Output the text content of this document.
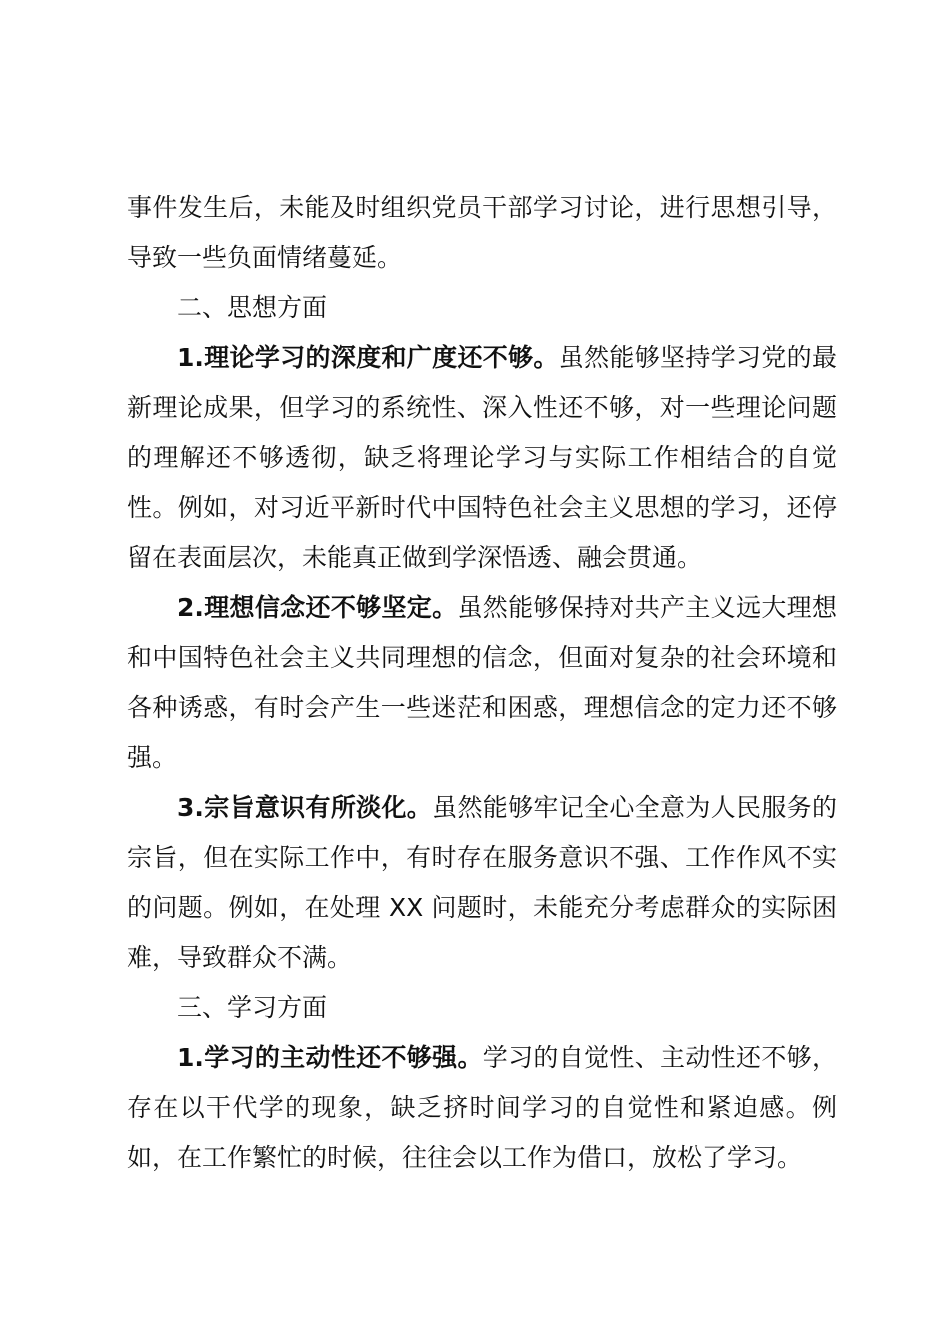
事件发生后，未能及时组织党员干部学习讨论，进行思想引导，导致一些负面情绪蔓延。

二、思想方面

1.理论学习的深度和广度还不够。虽然能够坚持学习党的最新理论成果，但学习的系统性、深入性还不够，对一些理论问题的理解还不够透彻，缺乏将理论学习与实际工作相结合的自觉性。例如，对习近平新时代中国特色社会主义思想的学习，还停留在表面层次，未能真正做到学深悟透、融会贯通。

2.理想信念还不够坚定。虽然能够保持对共产主义远大理想和中国特色社会主义共同理想的信念，但面对复杂的社会环境和各种诱惑，有时会产生一些迷茫和困惑，理想信念的定力还不够强。

3.宗旨意识有所淡化。虽然能够牢记全心全意为人民服务的宗旨，但在实际工作中，有时存在服务意识不强、工作作风不实的问题。例如，在处理 XX 问题时，未能充分考虑群众的实际困难，导致群众不满。

三、学习方面

1.学习的主动性还不够强。学习的自觉性、主动性还不够，存在以干代学的现象，缺乏挤时间学习的自觉性和紧迫感。例如，在工作繁忙的时候，往往会以工作为借口，放松了学习。
